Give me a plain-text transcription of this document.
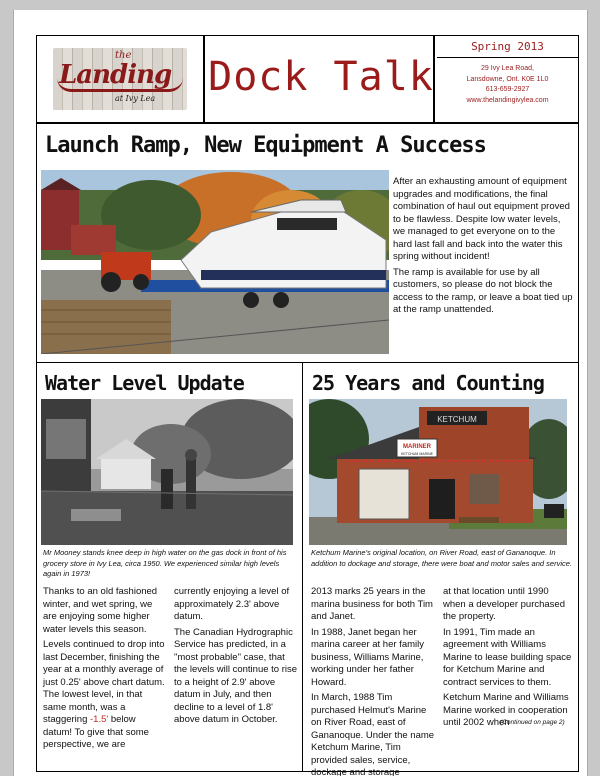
the
Landing
at Ivy Lea Dock Talk
Spring 2013
29 Ivy Lea Road,
Lansdowne, Ont. K0E 1L0
613-659-2927
www.thelandingivylea.com
Launch Ramp, New Equipment A Success

After an exhausting amount of equipment upgrades and modifications, the final combination of haul out equipment proved to be flawless. Despite low water levels, we managed to get everyone on to the hard last fall and back into the water this spring without incident!

The ramp is available for use by all customers, so please do not block the access to the ramp, or leave a boat tied up at the ramp unattended.

Water Level Update
Mr Mooney stands knee deep in high water on the gas dock in front of his grocery store in Ivy Lea, circa 1950. We experienced similar high levels again in 1973!

Thanks to an old fashioned winter, and wet spring, we are enjoying some higher water levels this season.

Levels continued to drop into last December, finishing the year at a monthly average of just 0.25' above chart datum. The lowest level, in that same month, was a staggering -1.5' below datum! To give that some perspective, we are

currently enjoying a level of approximately 2.3' above datum.

The Canadian Hydrographic Service has predicted, in a "most probable" case, that the levels will continue to rise to a height of 2.9' above datum in July, and then decline to a level of 1.8' above datum in October.

25 Years and Counting
KETCHUM
MARINER
KETCHUM MARINE
Ketchum Marine's original location, on River Road, east of Gananoque. In addition to dockage and storage, there were boat and motor sales and service.

2013 marks 25 years in the marina business for both Tim and Janet.

In 1988, Janet began her marina career at her family business, Williams Marine, working under her father Howard.

In March, 1988 Tim purchased Helmut's Marine on River Road, east of Gananoque. Under the name Ketchum Marine, Tim provided sales, service, dockage and storage

at that location until 1990 when a developer purchased the property.

In 1991, Tim made an agreement with Williams Marine to lease building space for Ketchum Marine and contract services to them.

Ketchum Marine and Williams Marine worked in cooperation until 2002 when

(Continued on page 2)
